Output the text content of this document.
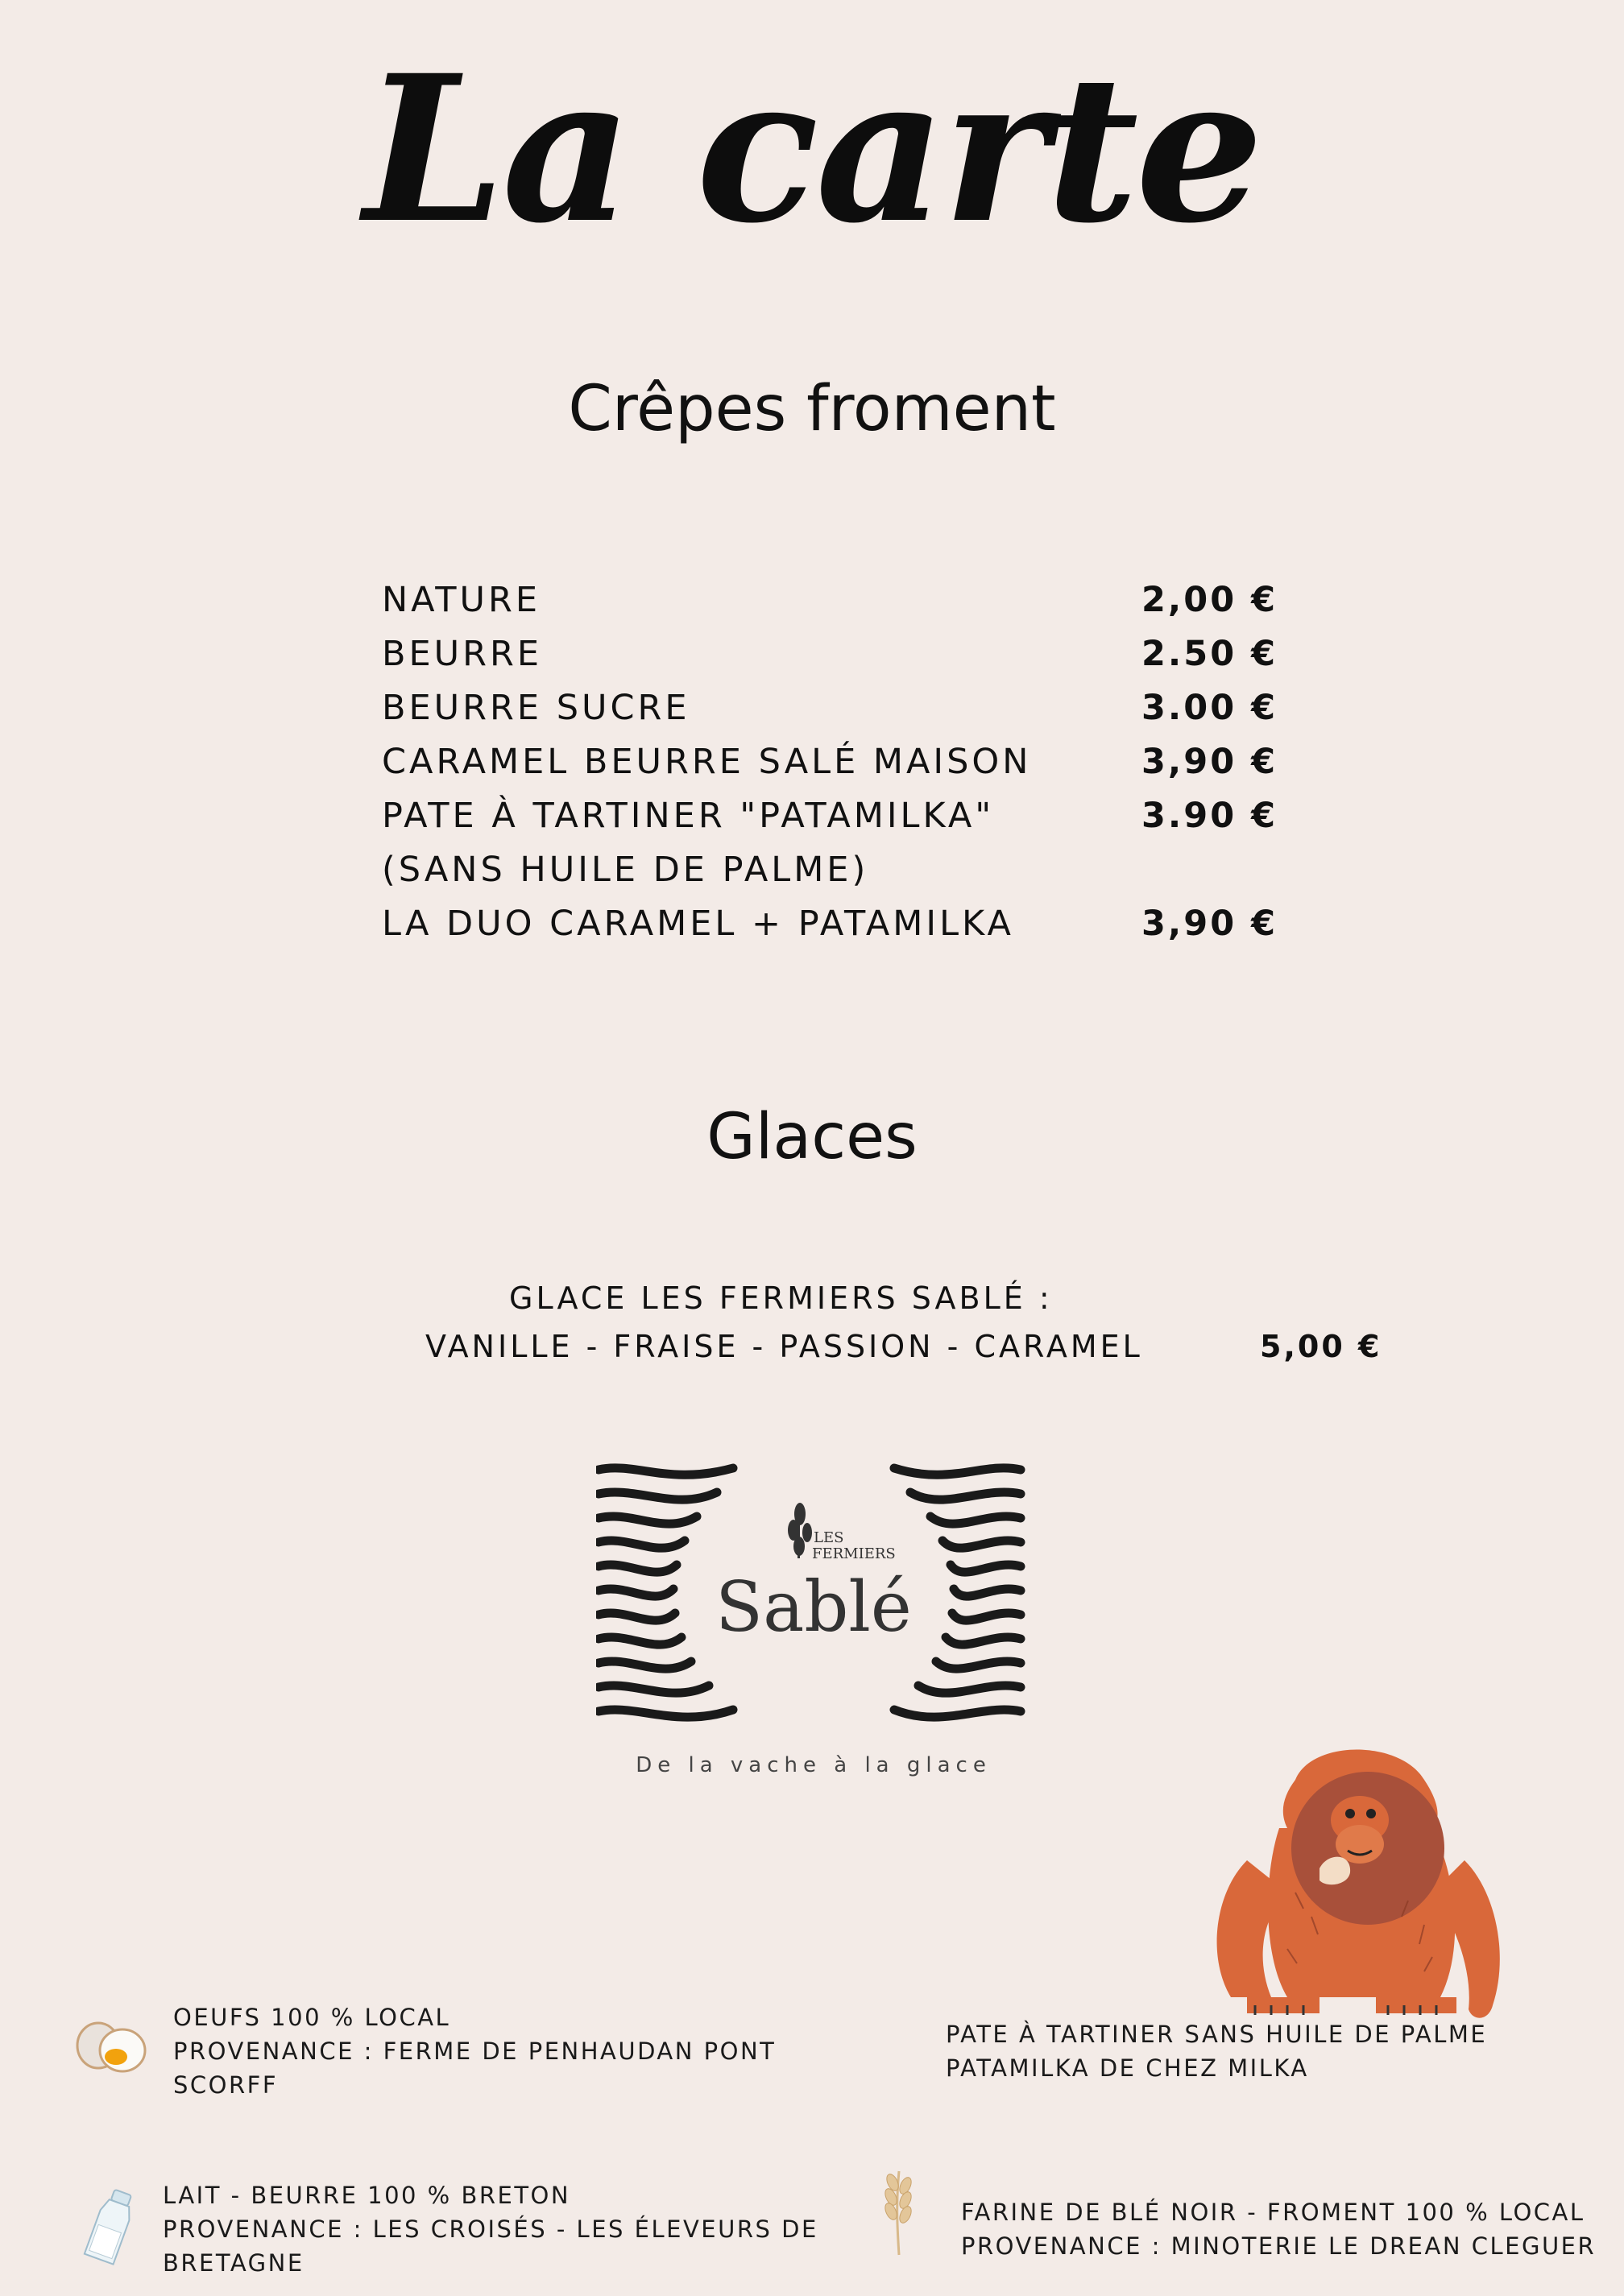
La carte
Crêpes froment
NATURE	2,00 €
BEURRE	2.50 €
BEURRE SUCRE	3.00 €
CARAMEL BEURRE SALÉ MAISON	3,90 €
PATE À TARTINER "PATAMILKA"	3.90 €
(SANS HUILE DE PALME)
LA DUO CARAMEL + PATAMILKA	3,90 €
Glaces
GLACE LES FERMIERS SABLÉ :
VANILLE - FRAISE - PASSION - CARAMEL	5,00 €
LES
FERMIERS
Sablé
De la vache à la glace
OEUFS 100 % LOCAL
PROVENANCE : FERME DE PENHAUDAN PONT
SCORFF
PATE À TARTINER SANS HUILE DE PALME
PATAMILKA DE CHEZ MILKA
LAIT - BEURRE 100 % BRETON
PROVENANCE : LES CROISÉS - LES ÉLEVEURS DE
BRETAGNE
FARINE DE BLÉ NOIR - FROMENT 100 % LOCAL
PROVENANCE : MINOTERIE LE DREAN CLEGUER
